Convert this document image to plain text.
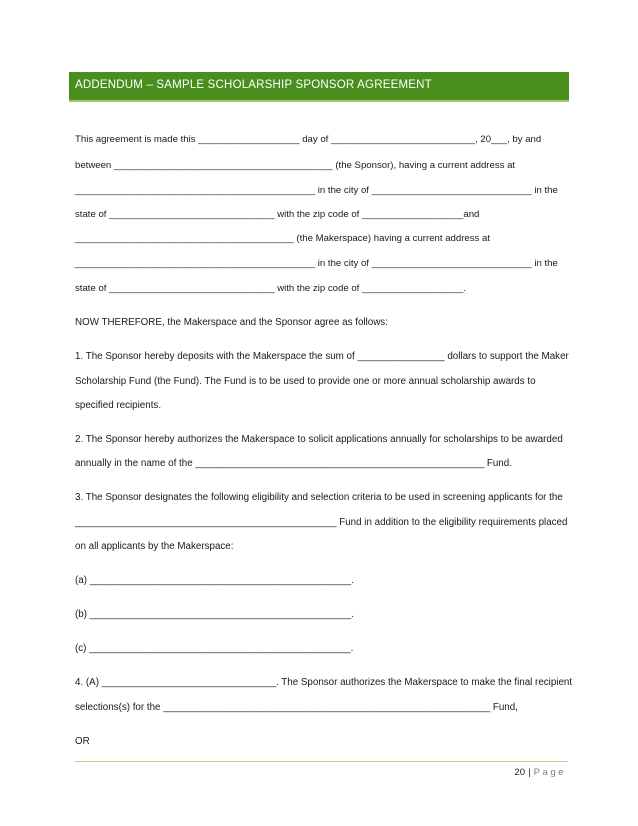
ADDENDUM – SAMPLE SCHOLARSHIP SPONSOR AGREEMENT
This agreement is made this ___________________ day of ___________________________, 20___, by and
between _________________________________________ (the Sponsor), having a current address at
_____________________________________________ in the city of ______________________________ in the
state of _______________________________ with the zip code of ___________________and
_________________________________________ (the Makerspace) having a current address at
_____________________________________________ in the city of ______________________________ in the
state of _______________________________ with the zip code of ___________________.
NOW THEREFORE, the Makerspace and the Sponsor agree as follows:
1. The Sponsor hereby deposits with the Makerspace the sum of ________________ dollars to support the Maker
Scholarship Fund (the Fund). The Fund is to be used to provide one or more annual scholarship awards to
specified recipients.
2. The Sponsor hereby authorizes the Makerspace to solicit applications annually for scholarships to be awarded
annually in the name of the _____________________________________________________ Fund.
3. The Sponsor designates the following eligibility and selection criteria to be used in screening applicants for the
________________________________________________ Fund in addition to the eligibility requirements placed
on all applicants by the Makerspace:
(a) ________________________________________________.
(b) ________________________________________________.
(c) ________________________________________________.
4. (A) ________________________________. The Sponsor authorizes the Makerspace to make the final recipient
selections(s) for the ____________________________________________________________ Fund,
OR
20 | Page
